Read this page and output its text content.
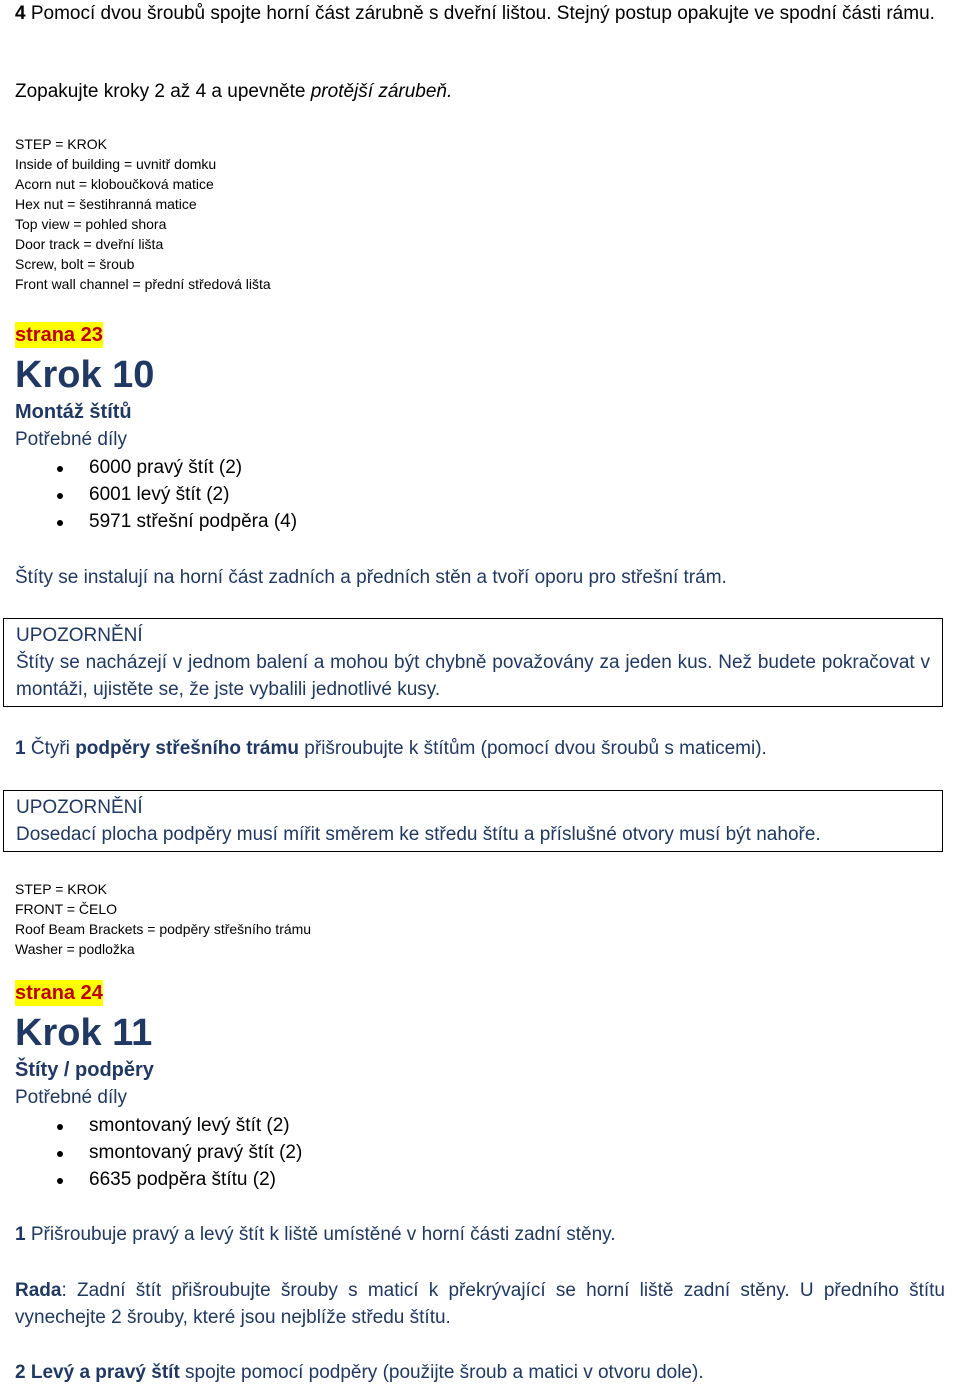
4 Pomocí dvou šroubů spojte horní část zárubně s dveřní lištou. Stejný postup opakujte ve spodní části rámu.

Zopakujte kroky 2 až 4 a upevněte protější zárubeň.

STEP = KROK
Inside of building = uvnitř domku
Acorn nut = kloboučková matice
Hex nut = šestihranná matice
Top view = pohled shora
Door track = dveřní lišta
Screw, bolt = šroub
Front wall channel = přední středová lišta
strana 23
Krok 10
Montáž štítů
Potřebné díly
6000 pravý štít (2)
6001 levý štít (2)
5971 střešní podpěra (4)

Štíty se instalují na horní část zadních a předních stěn a tvoří oporu pro střešní trám.

UPOZORNĚNÍ
Štíty se nacházejí v jednom balení a mohou být chybně považovány za jeden kus. Než budete pokračovat v montáži, ujistěte se, že jste vybalili jednotlivé kusy.

1 Čtyři podpěry střešního trámu přišroubujte k štítům (pomocí dvou šroubů s maticemi).

UPOZORNĚNÍ
Dosedací plocha podpěry musí mířit směrem ke středu štítu a příslušné otvory musí být nahoře.
STEP = KROK
FRONT = ČELO
Roof Beam Brackets = podpěry střešního trámu
Washer = podložka
strana 24
Krok 11
Štíty / podpěry
Potřebné díly
smontovaný levý štít (2)
smontovaný pravý štít (2)
6635 podpěra štítu (2)

1 Přišroubuje pravý a levý štít k liště umístěné v horní části zadní stěny.

Rada: Zadní štít přišroubujte šrouby s maticí k překrývající se horní liště zadní stěny. U předního štítu vynechejte 2 šrouby, které jsou nejblíže středu štítu.

2 Levý a pravý štít spojte pomocí podpěry (použijte šroub a matici v otvoru dole).
